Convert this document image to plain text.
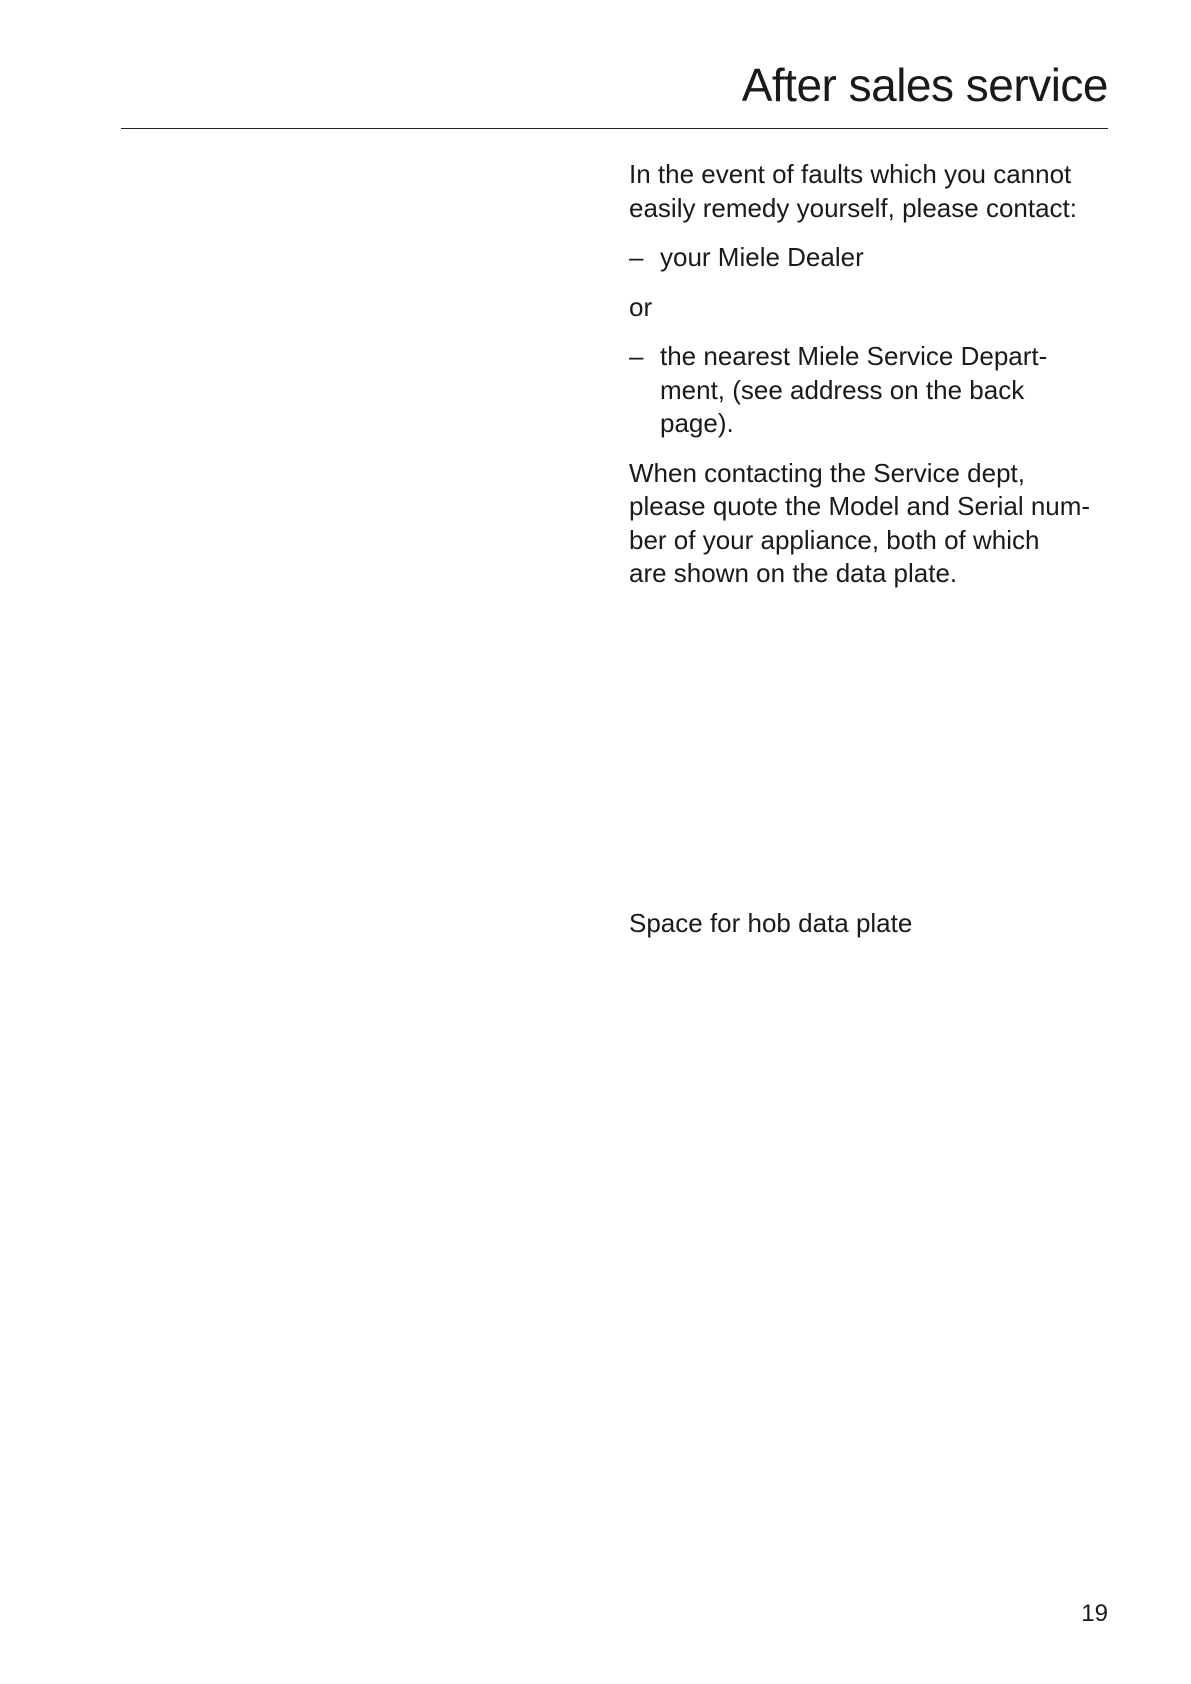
After sales service

In the event of faults which you cannot
easily remedy yourself, please contact:

– your Miele Dealer

or

– the nearest Miele Service Depart-
ment, (see address on the back
page).

When contacting the Service dept,
please quote the Model and Serial num-
ber of your appliance, both of which
are shown on the data plate.

Space for hob data plate
19
